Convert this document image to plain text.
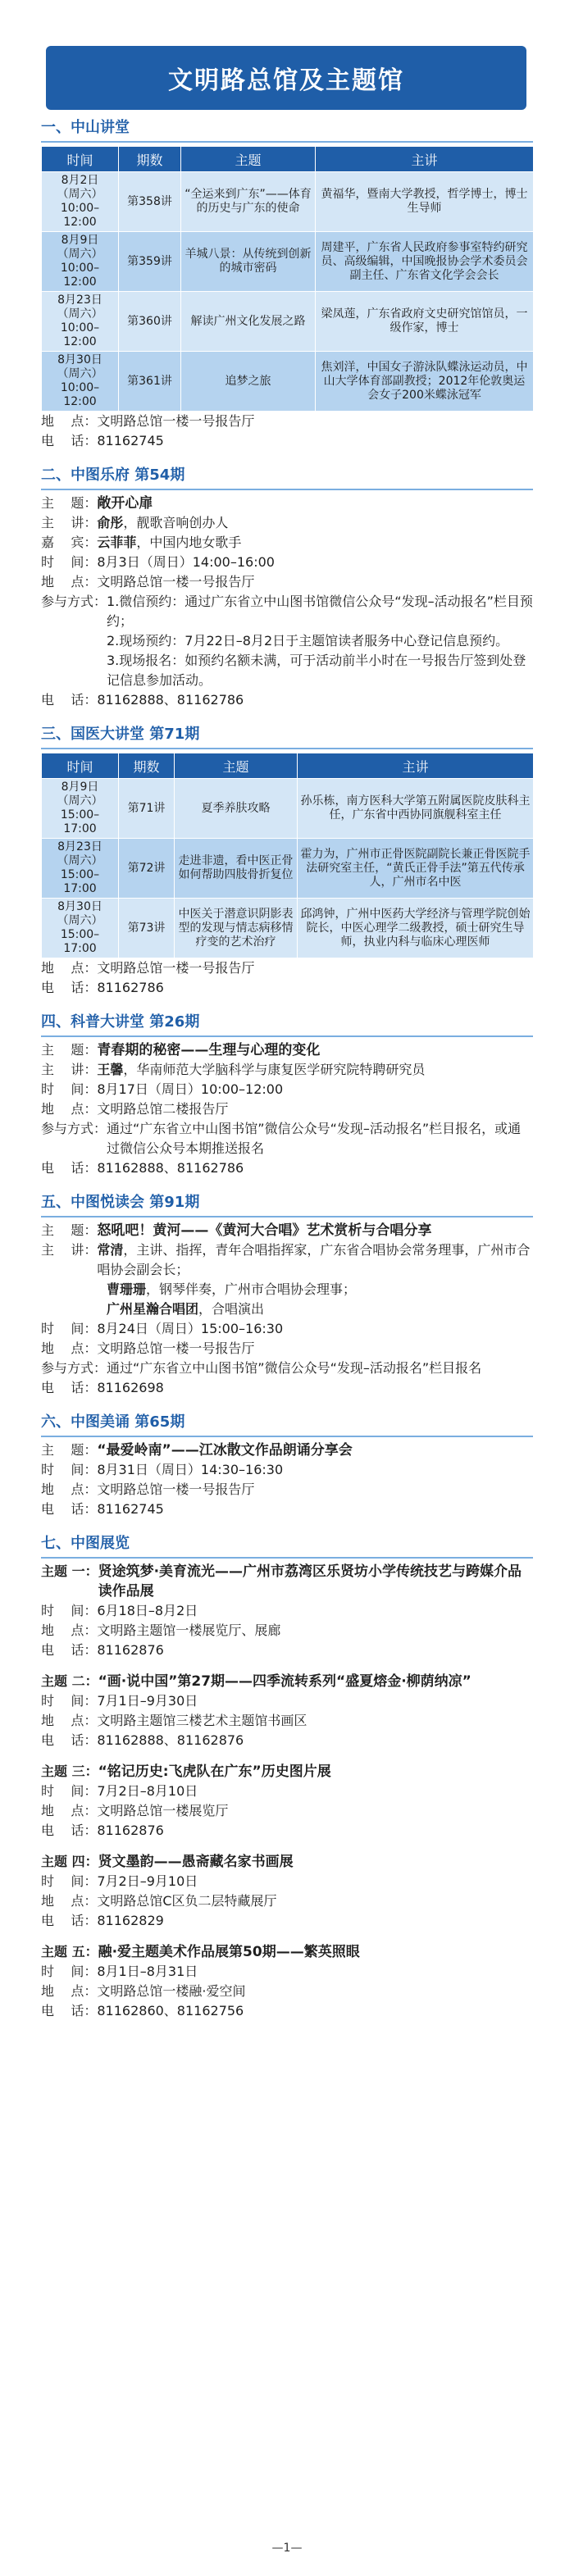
文明路总馆及主题馆
一、中山讲堂
时间	期数	主题	主讲

8月2日
（周六）
10:00–12:00	第358讲	“全运来到广东”——体育的历史与广东的使命	黄福华，暨南大学教授，哲学博士，博士生导师

8月9日
（周六）
10:00–12:00	第359讲	羊城八景：从传统到创新的城市密码	周建平，广东省人民政府参事室特约研究员、高级编辑，中国晚报协会学术委员会副主任、广东省文化学会会长

8月23日
（周六）
10:00–12:00	第360讲	解读广州文化发展之路	梁凤莲，广东省政府文史研究馆馆员，一级作家，博士

8月30日
（周六）
10:00–12:00	第361讲	追梦之旅	焦刘洋，中国女子游泳队蝶泳运动员，中山大学体育部副教授；2012年伦敦奥运会女子200米蝶泳冠军
地    点： 文明路总馆一楼一号报告厅
电    话： 81162745
二、中图乐府 第54期
主    题： 敞开心扉
主    讲： 俞彤，靓歌音响创办人
嘉    宾： 云菲菲，中国内地女歌手
时    间： 8月3日（周日）14:00–16:00
地    点： 文明路总馆一楼一号报告厅
参与方式： 1.微信预约：通过广东省立中山图书馆微信公众号“发现–活动报名”栏目预约；
2.现场预约：7月22日–8月2日于主题馆读者服务中心登记信息预约。
3.现场报名：如预约名额未满，可于活动前半小时在一号报告厅签到处登记信息参加活动。
电    话： 81162888、81162786
三、国医大讲堂 第71期
时间	期数	主题	主讲

8月9日
（周六）
15:00–17:00	第71讲	夏季养肤攻略	孙乐栋，南方医科大学第五附属医院皮肤科主任，广东省中西协同旗舰科室主任

8月23日
（周六）
15:00–17:00	第72讲	走进非遗，看中医正骨如何帮助四肢骨折复位	霍力为，广州市正骨医院副院长兼正骨医院手法研究室主任，“黄氏正骨手法”第五代传承人，广州市名中医

8月30日
（周六）
15:00–17:00	第73讲	中医关于潜意识阴影表型的发现与情志病移情疗变的艺术治疗	邱鸿钟，广州中医药大学经济与管理学院创始院长，中医心理学二级教授，硕士研究生导师，执业内科与临床心理医师
地    点： 文明路总馆一楼一号报告厅
电    话： 81162786
四、科普大讲堂 第26期
主    题： 青春期的秘密——生理与心理的变化
主    讲： 王馨，华南师范大学脑科学与康复医学研究院特聘研究员
时    间： 8月17日（周日）10:00–12:00
地    点： 文明路总馆二楼报告厅
参与方式： 通过“广东省立中山图书馆”微信公众号“发现–活动报名”栏目报名，或通过微信公众号本期推送报名
电    话： 81162888、81162786
五、中图悦读会 第91期
主    题： 怒吼吧！黄河——《黄河大合唱》艺术赏析与合唱分享
主    讲： 常清，主讲、指挥，青年合唱指挥家，广东省合唱协会常务理事，广州市合唱协会副会长；
曹珊珊，钢琴伴奏，广州市合唱协会理事；
广州星瀚合唱团，合唱演出
时    间： 8月24日（周日）15:00–16:30
地    点： 文明路总馆一楼一号报告厅
参与方式： 通过“广东省立中山图书馆”微信公众号“发现–活动报名”栏目报名
电    话： 81162698
六、中图美诵 第65期
主    题： “最爱岭南”——江冰散文作品朗诵分享会
时    间： 8月31日（周日）14:30–16:30
地    点： 文明路总馆一楼一号报告厅
电    话： 81162745
七、中图展览
主题 一： 贤途筑梦·美育流光——广州市荔湾区乐贤坊小学传统技艺与跨媒介品读作品展
时    间： 6月18日–8月2日
地    点： 文明路主题馆一楼展览厅、展廊
电    话： 81162876
主题 二： “画·说中国”第27期——四季流转系列“盛夏熔金·柳荫纳凉”
时    间： 7月1日–9月30日
地    点： 文明路主题馆三楼艺术主题馆书画区
电    话： 81162888、81162876
主题 三： “铭记历史:飞虎队在广东”历史图片展
时    间： 7月2日–8月10日
地    点： 文明路总馆一楼展览厅
电    话： 81162876
主题 四： 贤文墨韵——愚斋藏名家书画展
时    间： 7月2日–9月10日
地    点： 文明路总馆C区负二层特藏展厅
电    话： 81162829
主题 五： 融·爱主题美术作品展第50期——繁英照眼
时    间： 8月1日–8月31日
地    点： 文明路总馆一楼融·爱空间
电    话： 81162860、81162756
—1—
